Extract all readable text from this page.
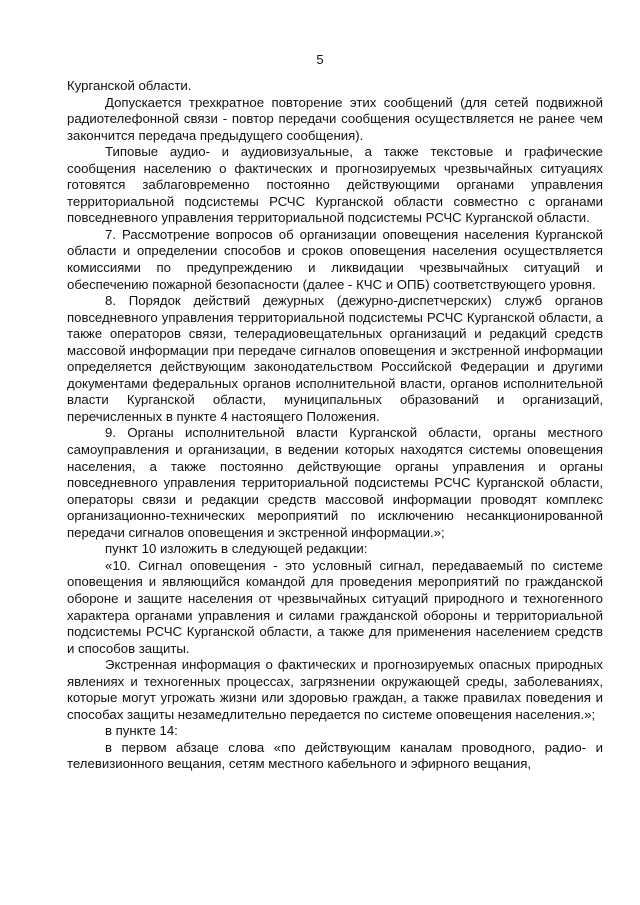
5

Курганской области.

Допускается трехкратное повторение этих сообщений (для сетей подвижной радиотелефонной связи - повтор передачи сообщения осуществляется не ранее чем закончится передача предыдущего сообщения).

Типовые аудио- и аудиовизуальные, а также текстовые и графические сообщения населению о фактических и прогнозируемых чрезвычайных ситуациях готовятся заблаговременно постоянно действующими органами управления территориальной подсистемы РСЧС Курганской области совместно с органами повседневного управления территориальной подсистемы РСЧС Курганской области.

7. Рассмотрение вопросов об организации оповещения населения Курганской области и определении способов и сроков оповещения населения осуществляется комиссиями по предупреждению и ликвидации чрезвычайных ситуаций и обеспечению пожарной безопасности (далее - КЧС и ОПБ) соответствующего уровня.

8. Порядок действий дежурных (дежурно-диспетчерских) служб органов повседневного управления территориальной подсистемы РСЧС Курганской области, а также операторов связи, телерадиовещательных организаций и редакций средств массовой информации при передаче сигналов оповещения и экстренной информации определяется действующим законодательством Российской Федерации и другими документами федеральных органов исполнительной власти, органов исполнительной власти Курганской области, муниципальных образований и организаций, перечисленных в пункте 4 настоящего Положения.

9. Органы исполнительной власти Курганской области, органы местного самоуправления и организации, в ведении которых находятся системы оповещения населения, а также постоянно действующие органы управления и органы повседневного управления территориальной подсистемы РСЧС Курганской области, операторы связи и редакции средств массовой информации проводят комплекс организационно-технических мероприятий по исключению несанкционированной передачи сигналов оповещения и экстренной информации.»;

пункт 10 изложить в следующей редакции:

«10. Сигнал оповещения - это условный сигнал, передаваемый по системе оповещения и являющийся командой для проведения мероприятий по гражданской обороне и защите населения от чрезвычайных ситуаций природного и техногенного характера органами управления и силами гражданской обороны и территориальной подсистемы РСЧС Курганской области, а также для применения населением средств и способов защиты.

Экстренная информация о фактических и прогнозируемых опасных природных явлениях и техногенных процессах, загрязнении окружающей среды, заболеваниях, которые могут угрожать жизни или здоровью граждан, а также правилах поведения и способах защиты незамедлительно передается по системе оповещения населения.»;

в пункте 14:

в первом абзаце слова «по действующим каналам проводного, радио- и телевизионного вещания, сетям местного кабельного и эфирного вещания,
